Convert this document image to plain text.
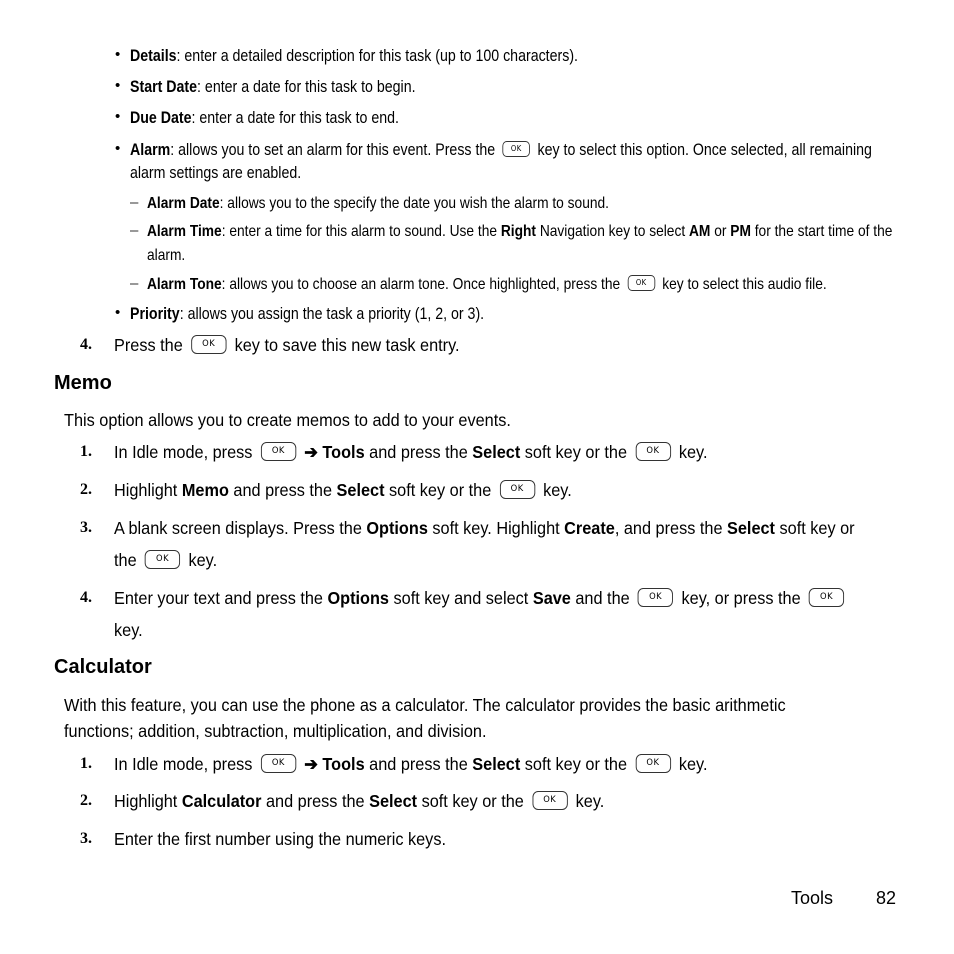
• Details: enter a detailed description for this task (up to 100 characters).
• Start Date: enter a date for this task to begin.
• Due Date: enter a date for this task to end.
• Alarm: allows you to set an alarm for this event. Press the OK key to select this option. Once selected, all remaining
alarm settings are enabled.
– Alarm Date: allows you to the specify the date you wish the alarm to sound.
– Alarm Time: enter a time for this alarm to sound. Use the Right Navigation key to select AM or PM for the start time of the
alarm.
– Alarm Tone: allows you to choose an alarm tone. Once highlighted, press the OK key to select this audio file.
• Priority: allows you assign the task a priority (1, 2, or 3).
4. Press the OK key to save this new task entry.
Memo
This option allows you to create memos to add to your events.
1. In Idle mode, press OK ➔ Tools and press the Select soft key or the OK key.
2. Highlight Memo and press the Select soft key or the OK key.
3. A blank screen displays. Press the Options soft key. Highlight Create, and press the Select soft key or
the OK key.
4. Enter your text and press the Options soft key and select Save and the OK key, or press the OK
key.
Calculator
With this feature, you can use the phone as a calculator. The calculator provides the basic arithmetic
functions; addition, subtraction, multiplication, and division.
1. In Idle mode, press OK ➔ Tools and press the Select soft key or the OK key.
2. Highlight Calculator and press the Select soft key or the OK key.
3. Enter the first number using the numeric keys.
Tools 82
